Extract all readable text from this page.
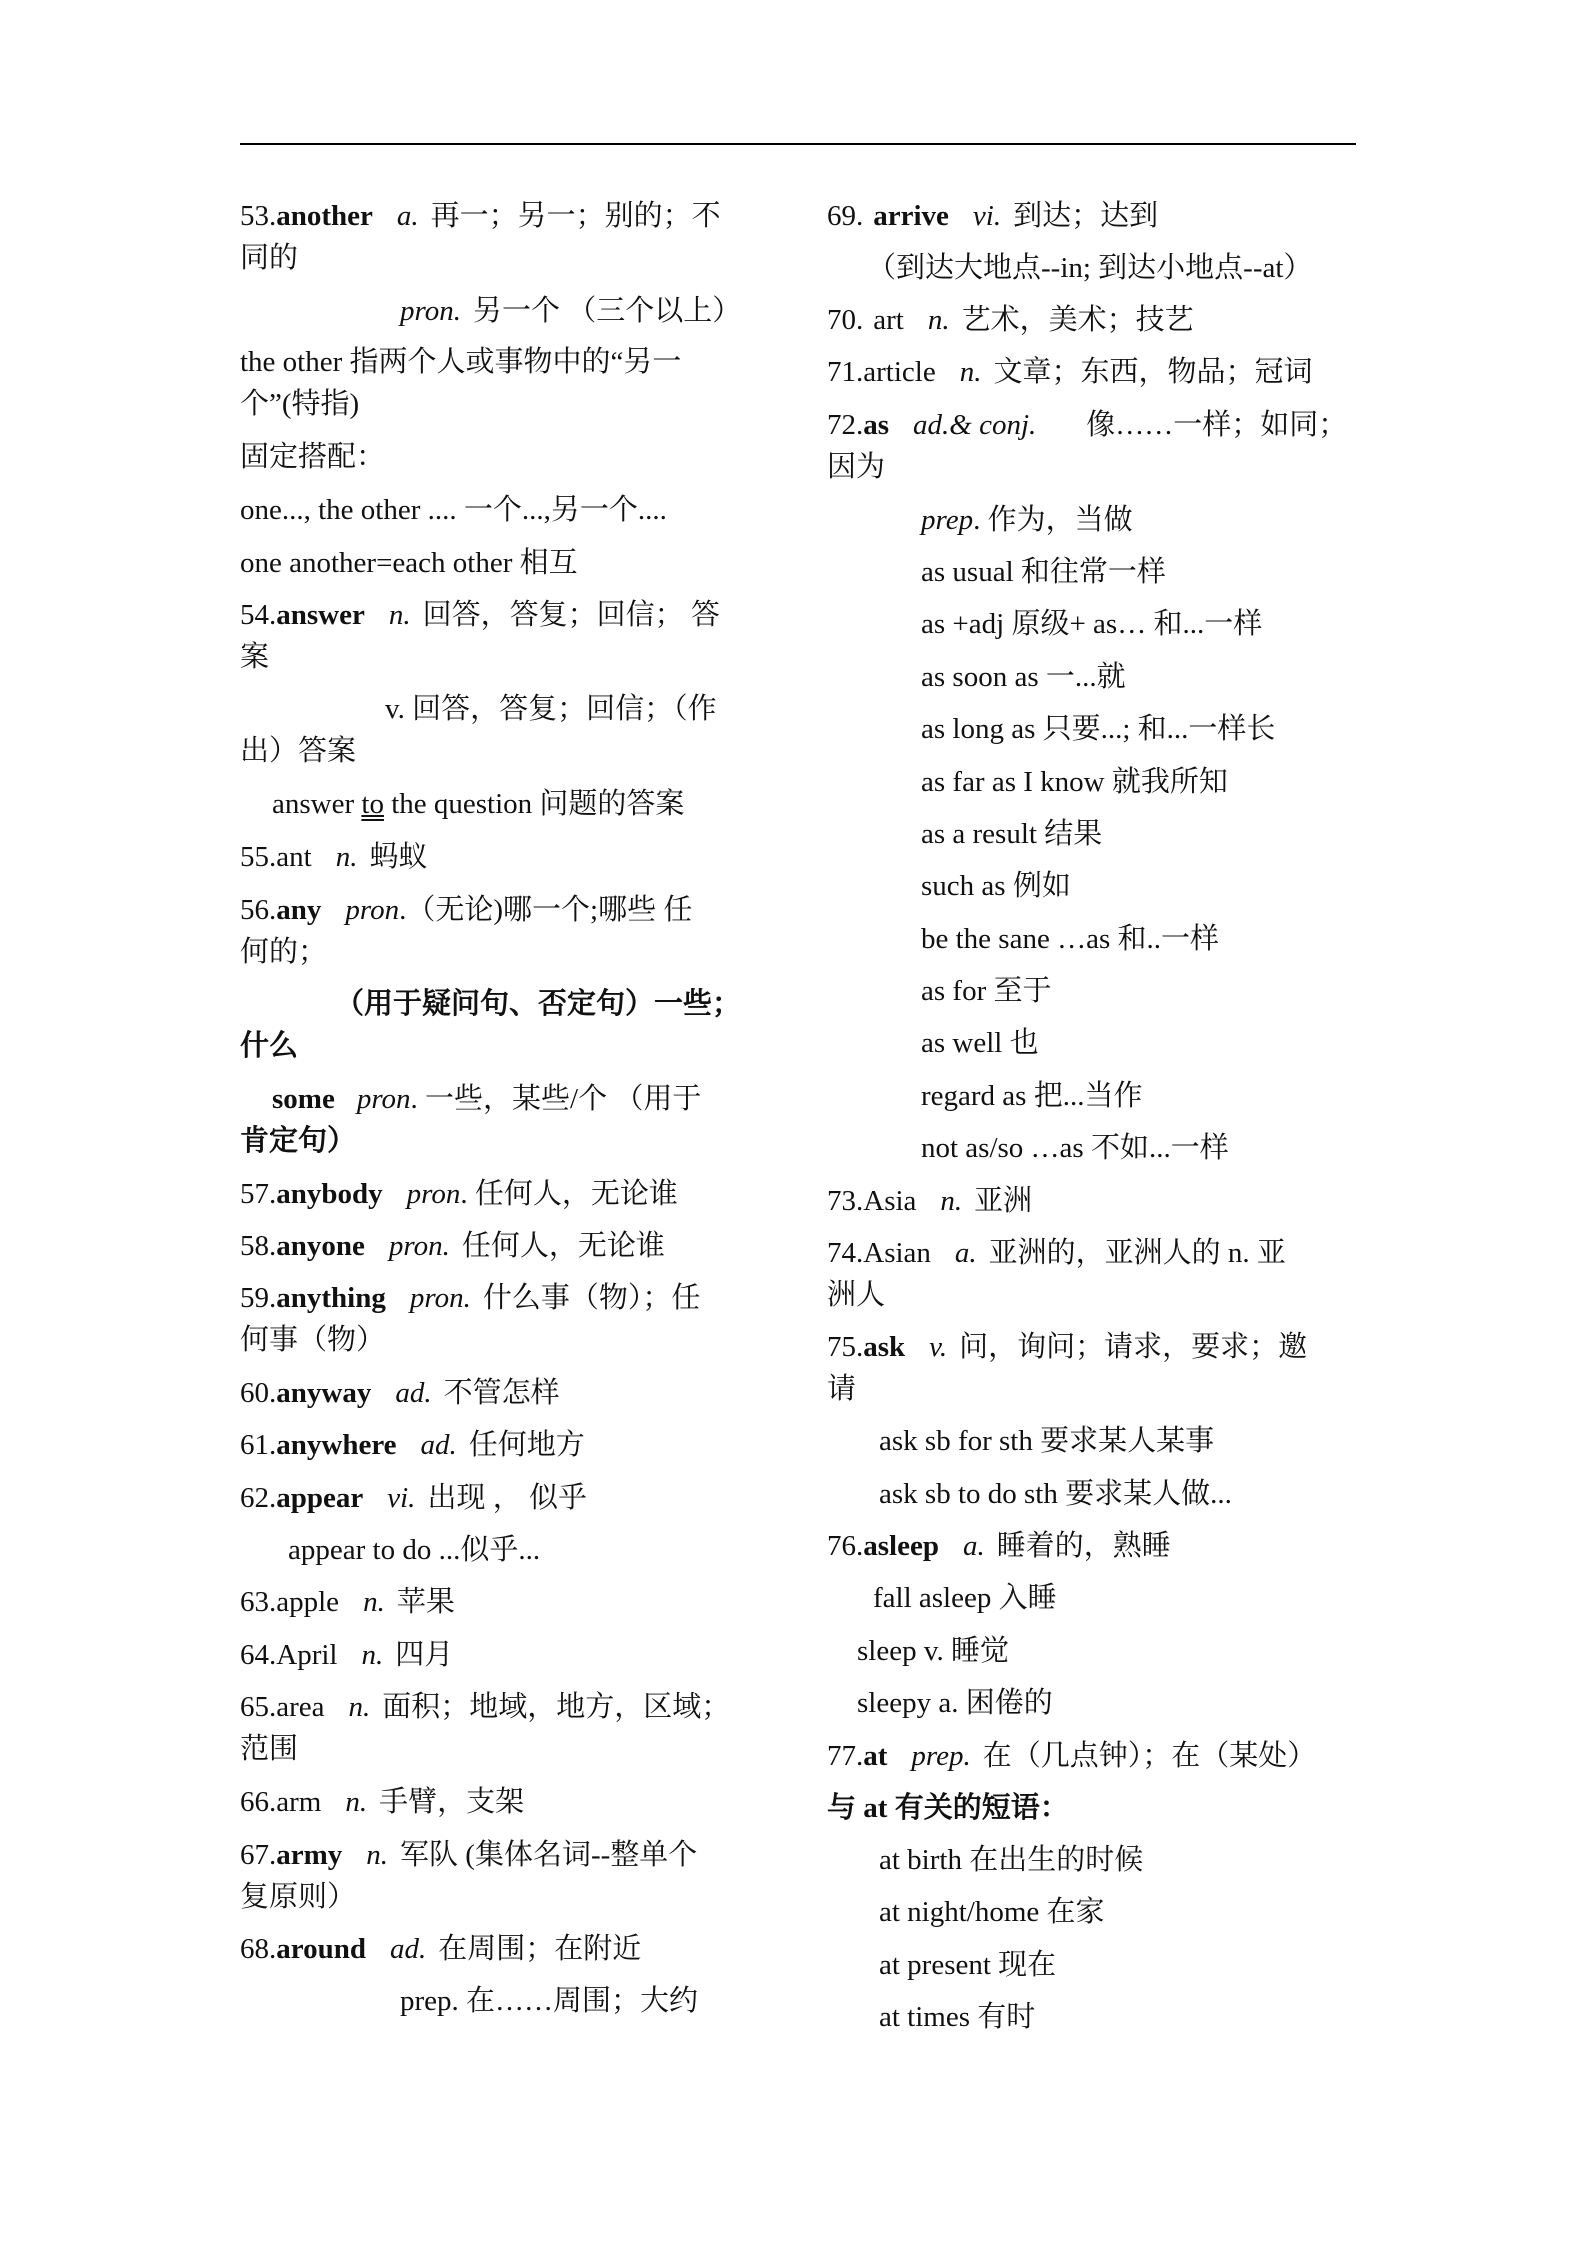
53.another a. 再一；另一；别的；不
同的
pron. 另一个 （三个以上）
the other 指两个人或事物中的“另一
个”(特指)
固定搭配：
one..., the other .... 一个...,另一个....
one another=each other 相互
54.answer n. 回答，答复；回信； 答
案
v. 回答，答复；回信；（作
出）答案
answer to the question 问题的答案
55.ant n. 蚂蚁
56.any pron.（无论)哪一个;哪些 任
何的；
（用于疑问句、否定句）一些；
什么
some pron. 一些，某些/个 （用于
肯定句）
57.anybody pron. 任何人，无论谁
58.anyone pron. 任何人，无论谁
59.anything pron. 什么事（物）；任
何事（物）
60.anyway ad. 不管怎样
61.anywhere ad. 任何地方
62.appear vi. 出现 ， 似乎
appear to do ...似乎...
63.apple n. 苹果
64.April n. 四月
65.area n. 面积；地域，地方，区域；
范围
66.arm n. 手臂，支架
67.army n. 军队 (集体名词--整单个
复原则）
68.around ad. 在周围；在附近
prep. 在……周围；大约
69. arrive vi. 到达；达到
（到达大地点--in; 到达小地点--at）
70. art n. 艺术，美术；技艺
71.article n. 文章；东西，物品；冠词
72.as ad.& conj. 像……一样；如同；
因为
prep. 作为，当做
as usual 和往常一样
as +adj 原级+ as… 和...一样
as soon as 一...就
as long as 只要...; 和...一样长
as far as I know 就我所知
as a result 结果
such as 例如
be the sane …as 和..一样
as for 至于
as well 也
regard as 把...当作
not as/so …as 不如...一样
73.Asia n. 亚洲
74.Asian a. 亚洲的，亚洲人的 n. 亚
洲人
75.ask v. 问，询问；请求，要求；邀
请
ask sb for sth 要求某人某事
ask sb to do sth 要求某人做...
76.asleep a. 睡着的，熟睡
fall asleep 入睡
sleep v. 睡觉
sleepy a. 困倦的
77.at prep. 在（几点钟）；在（某处）
与 at 有关的短语：
at birth 在出生的时候
at night/home 在家
at present 现在
at times 有时
